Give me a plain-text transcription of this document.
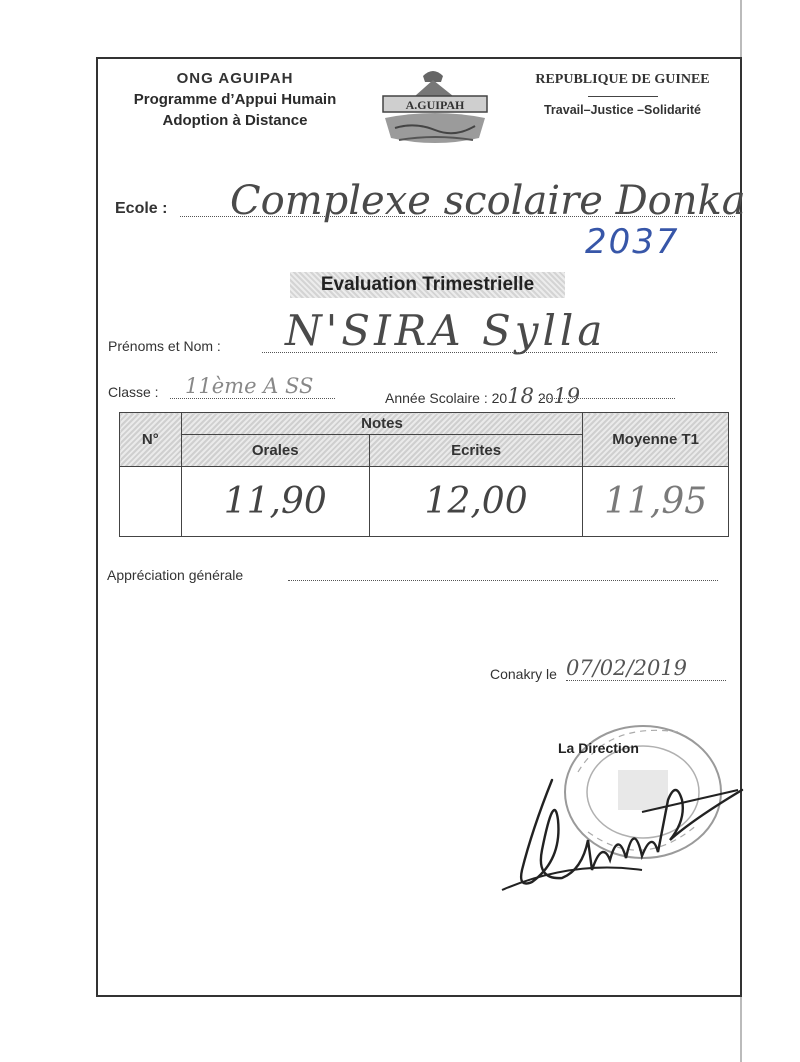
ONG AGUIPAH
Programme d’Appui Humain
Adoption à Distance
A.GUIPAH
REPUBLIQUE DE GUINEE
Travail–Justice –Solidarité
Ecole : Complexe scolaire Donka
2037
Evaluation Trimestrielle
Prénoms et Nom : N'SIRA Sylla
Classe : 11ème A SS	Année Scolaire : 2018 2019
N°	Notes		Moyenne T1
	Orales	Ecrites	
	11,90	12,00	11,95
Appréciation générale
Conakry le 07/02/2019
La Direction
